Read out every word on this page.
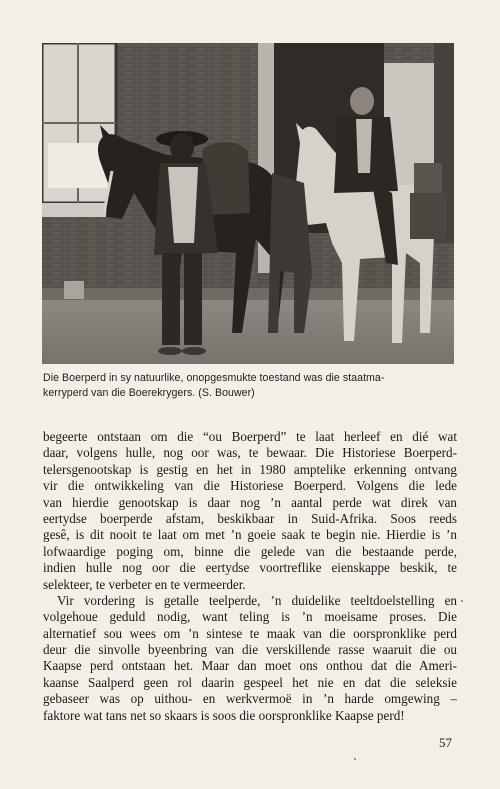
Die Boerperd in sy natuurlike, onopgesmukte toestand was die staatma-

kerryperd van die Boerekrygers. (S. Bouwer)

begeerte ontstaan om die “ou Boerperd” te laat herleef en dié wat
daar, volgens hulle, nog oor was, te bewaar. Die Historiese Boerperd-
telersgenootskap is gestig en het in 1980 amptelike erkenning ontvang
vir die ontwikkeling van die Historiese Boerperd. Volgens die lede
van hierdie genootskap is daar nog ’n aantal perde wat direk van
eertydse boerperde afstam, beskikbaar in Suid-Afrika. Soos reeds
gesê, is dit nooit te laat om met ’n goeie saak te begin nie. Hierdie is ’n
lofwaardige poging om, binne die gelede van die bestaande perde,
indien hulle nog oor die eertydse voortreflike eienskappe beskik, te
selekteer, te verbeter en te vermeerder.
Vir vordering is getalle teelperde, ’n duidelike teeltdoelstelling en
volgehoue geduld nodig, want teling is ’n moeisame proses. Die
alternatief sou wees om ’n sintese te maak van die oorspronklike perd
deur die sinvolle byeenbring van die verskillende rasse waaruit die ou
Kaapse perd ontstaan het. Maar dan moet ons onthou dat die Ameri-
kaanse Saalperd geen rol daarin gespeel het nie en dat die seleksie
gebaseer was op uithou- en werkvermoë in ’n harde omgewing –
faktore wat tans net so skaars is soos die oorspronklike Kaapse perd!
57
